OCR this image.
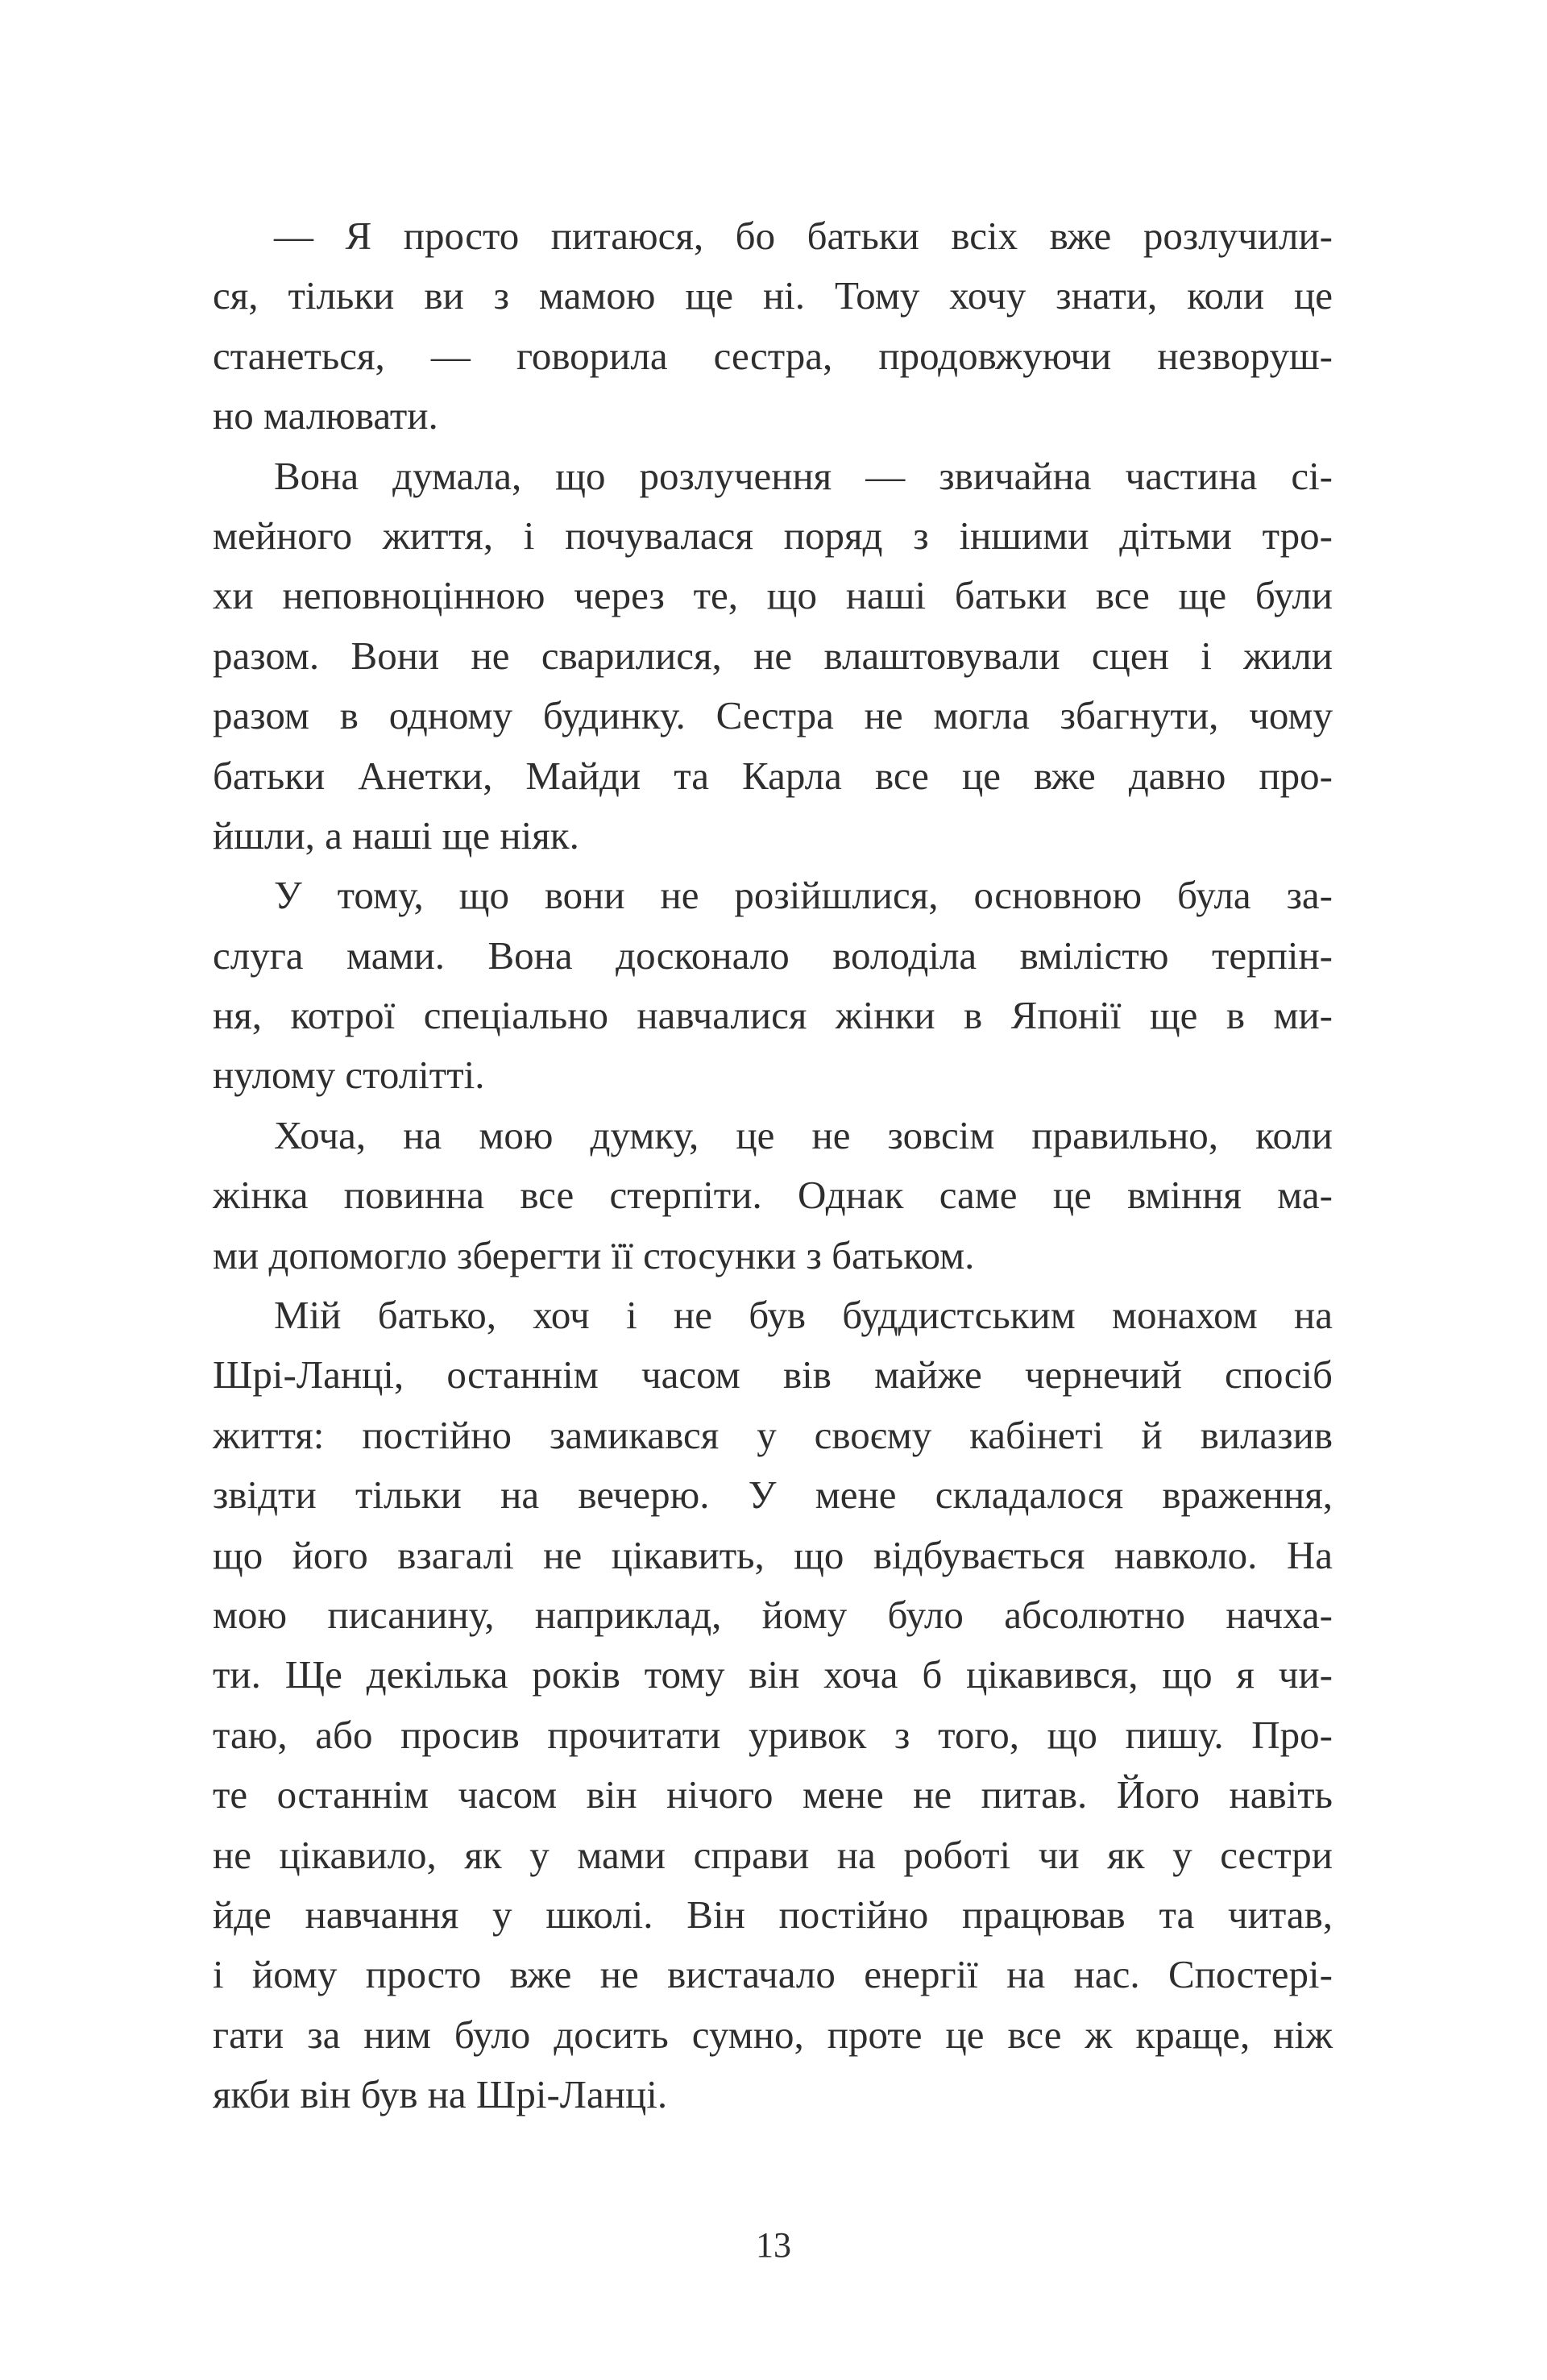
— Я просто питаюся, бо батьки всіх вже розлучили-
ся, тільки ви з мамою ще ні. Тому хочу знати, коли це
станеться, — говорила сестра, продовжуючи незворуш-
но малювати.
Вона думала, що розлучення — звичайна частина сі-
мейного життя, і почувалася поряд з іншими дітьми тро-
хи неповноцінною через те, що наші батьки все ще були
разом. Вони не сварилися, не влаштовували сцен і жили
разом в одному будинку. Сестра не могла збагнути, чому
батьки Анетки, Майди та Карла все це вже давно про-
йшли, а наші ще ніяк.
У тому, що вони не розійшлися, основною була за-
слуга мами. Вона досконало володіла вмілістю терпін-
ня, котрої спеціально навчалися жінки в Японії ще в ми-
нулому столітті.
Хоча, на мою думку, це не зовсім правильно, коли
жінка повинна все стерпіти. Однак саме це вміння ма-
ми допомогло зберегти її стосунки з батьком.
Мій батько, хоч і не був буддистським монахом на
Шрі-Ланці, останнім часом вів майже чернечий спосіб
життя: постійно замикався у своєму кабінеті й вилазив
звідти тільки на вечерю. У мене складалося враження,
що його взагалі не цікавить, що відбувається навколо. На
мою писанину, наприклад, йому було абсолютно начха-
ти. Ще декілька років тому він хоча б цікавився, що я чи-
таю, або просив прочитати уривок з того, що пишу. Про-
те останнім часом він нічого мене не питав. Його навіть
не цікавило, як у мами справи на роботі чи як у сестри
йде навчання у школі. Він постійно працював та читав,
і йому просто вже не вистачало енергії на нас. Спостері-
гати за ним було досить сумно, проте це все ж краще, ніж
якби він був на Шрі-Ланці.
13
